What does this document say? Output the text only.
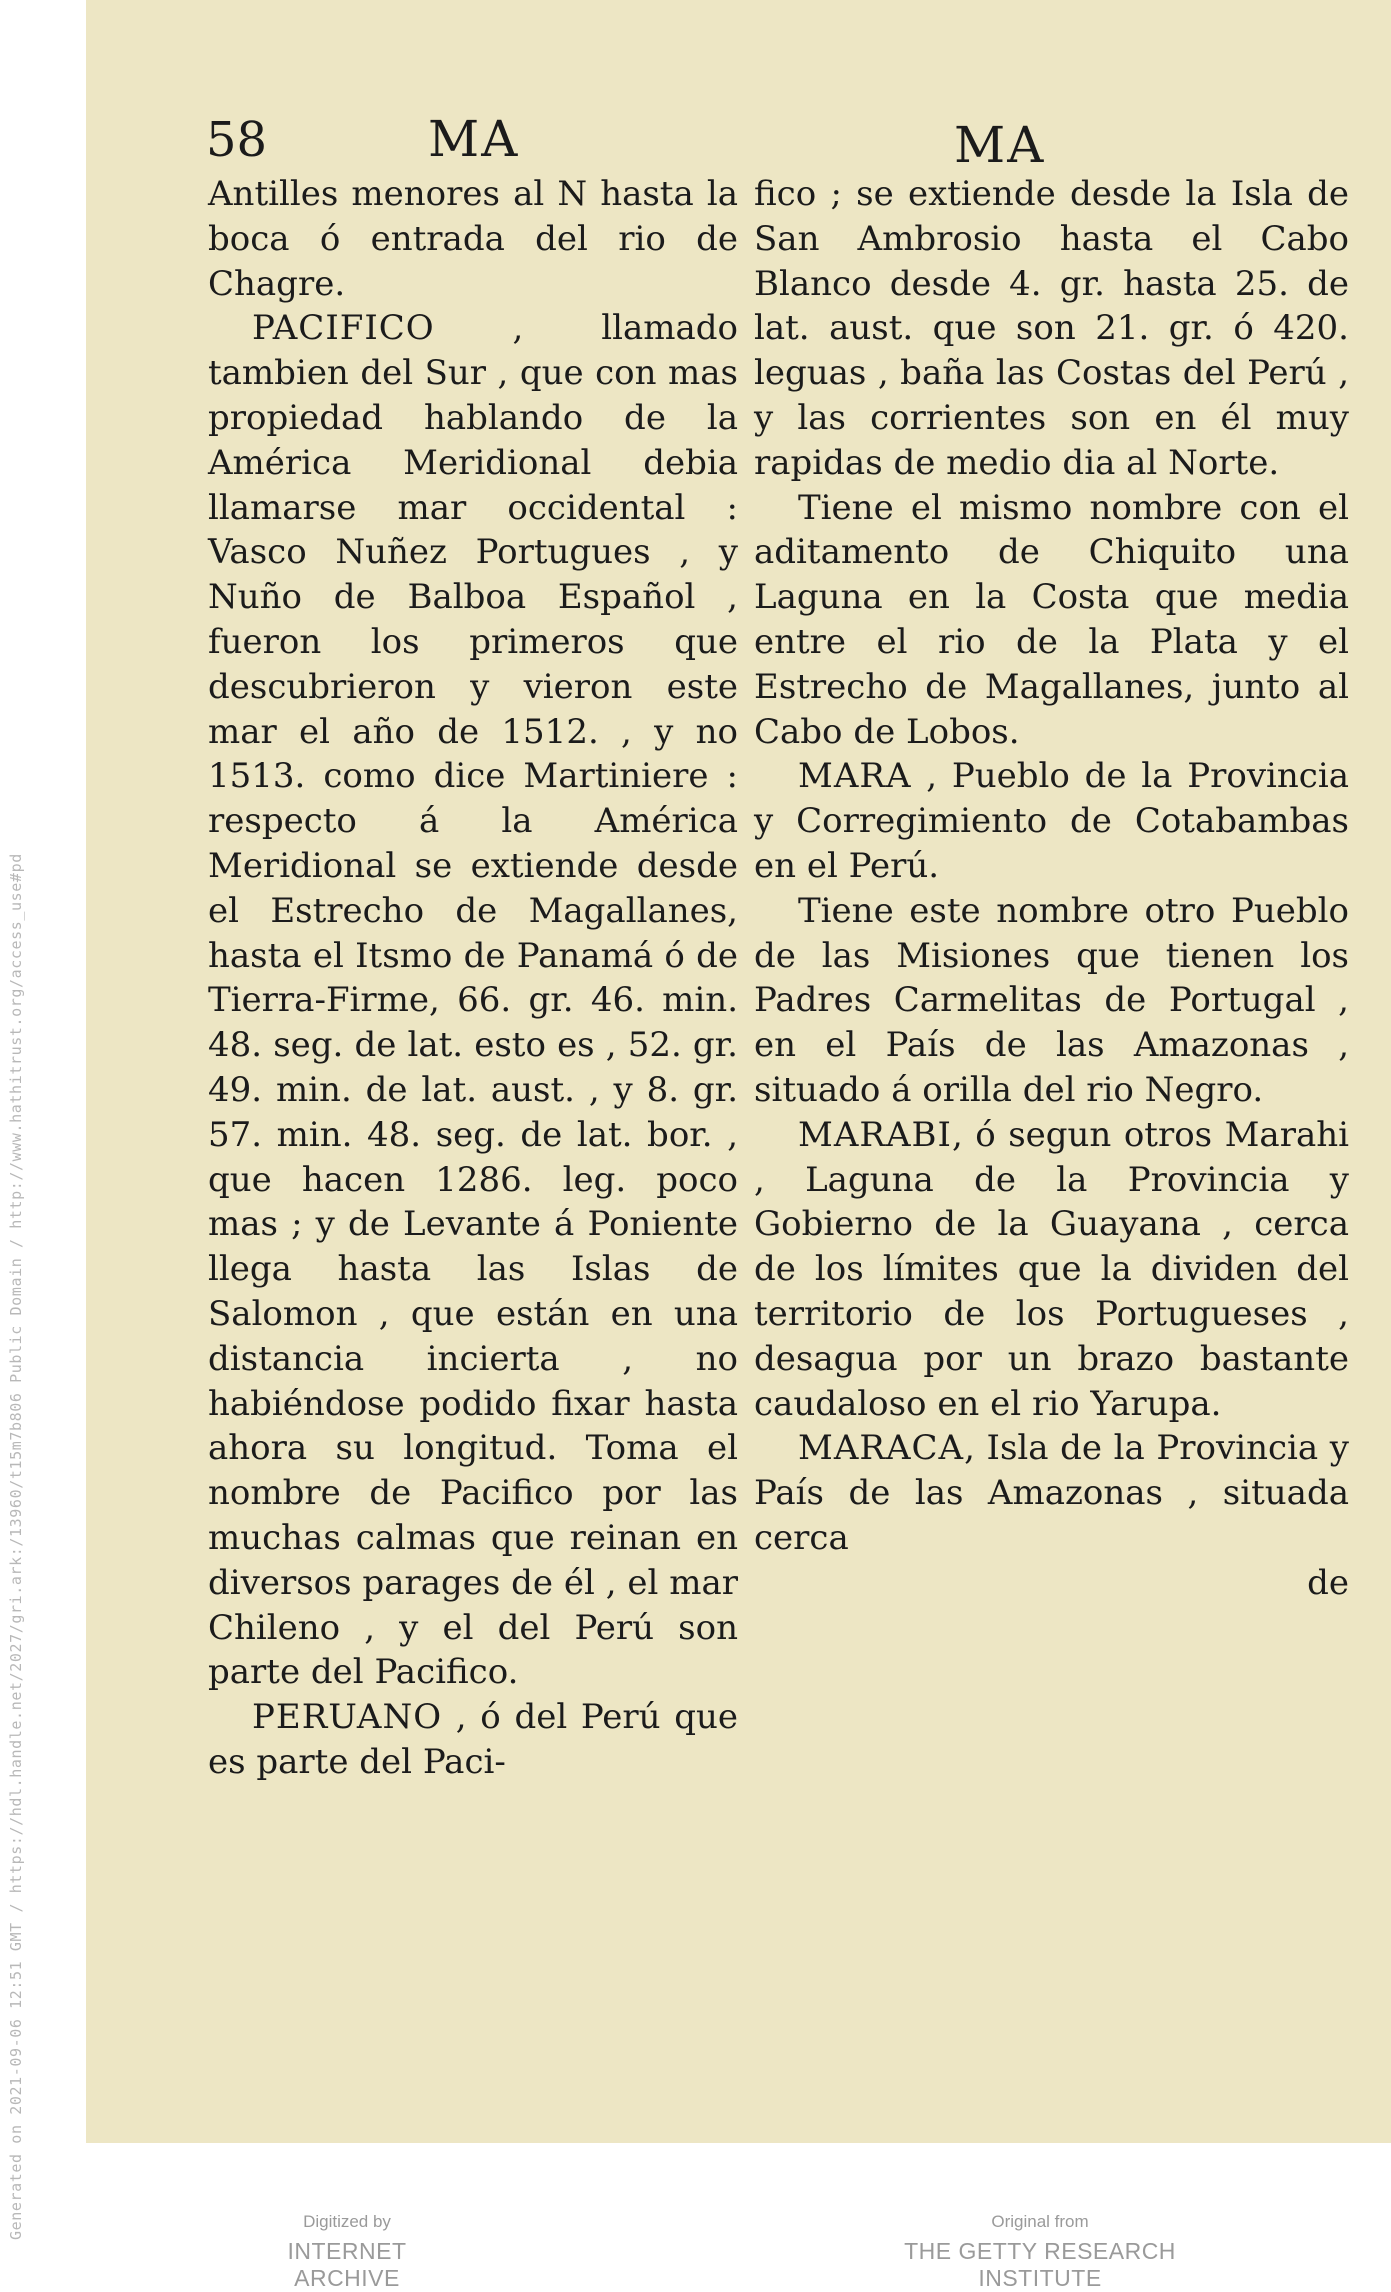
Generated on 2021-09-06 12:51 GMT / https://hdl.handle.net/2027/gri.ark:/13960/t15m7b806 Public Domain / http://www.hathitrust.org/access_use#pd
58	MA	MA

Antilles menores al N hasta la boca ó entrada del rio de Chagre.

PACIFICO , llamado tambien del Sur , que con mas propiedad hablando de la América Meridional debia llamarse mar occidental : Vasco Nuñez Portugues , y Nuño de Balboa Español , fueron los primeros que descubrieron y vieron este mar el año de 1512. , y no 1513. como dice Martiniere : respecto á la América Meridional se extiende desde el Estrecho de Magallanes, hasta el Itsmo de Panamá ó de Tierra-Firme, 66. gr. 46. min. 48. seg. de lat. esto es , 52. gr. 49. min. de lat. aust. , y 8. gr. 57. min. 48. seg. de lat. bor. , que hacen 1286. leg. poco mas ; y de Levante á Poniente llega hasta las Islas de Salomon , que están en una distancia incierta , no habiéndose podido fixar hasta ahora su longitud. Toma el nombre de Pacifico por las muchas calmas que reinan en diversos parages de él , el mar Chileno , y el del Perú son parte del Pacifico.

PERUANO , ó del Perú que es parte del Paci-

fico ; se extiende desde la Isla de San Ambrosio hasta el Cabo Blanco desde 4. gr. hasta 25. de lat. aust. que son 21. gr. ó 420. leguas , baña las Costas del Perú , y las corrientes son en él muy rapidas de medio dia al Norte.

Tiene el mismo nombre con el aditamento de Chiquito una Laguna en la Costa que media entre el rio de la Plata y el Estrecho de Magallanes, junto al Cabo de Lobos.

MARA , Pueblo de la Provincia y Corregimiento de Cotabambas en el Perú.

Tiene este nombre otro Pueblo de las Misiones que tienen los Padres Carmelitas de Portugal , en el País de las Amazonas , situado á orilla del rio Negro.

MARABI, ó segun otros Marahi , Laguna de la Provincia y Gobierno de la Guayana , cerca de los límites que la dividen del territorio de los Portugueses , desagua por un brazo bastante caudaloso en el rio Yarupa.

MARACA, Isla de la Provincia y País de las Amazonas , situada cerca

de

Digitized by
INTERNET ARCHIVE
Original from
THE GETTY RESEARCH INSTITUTE
